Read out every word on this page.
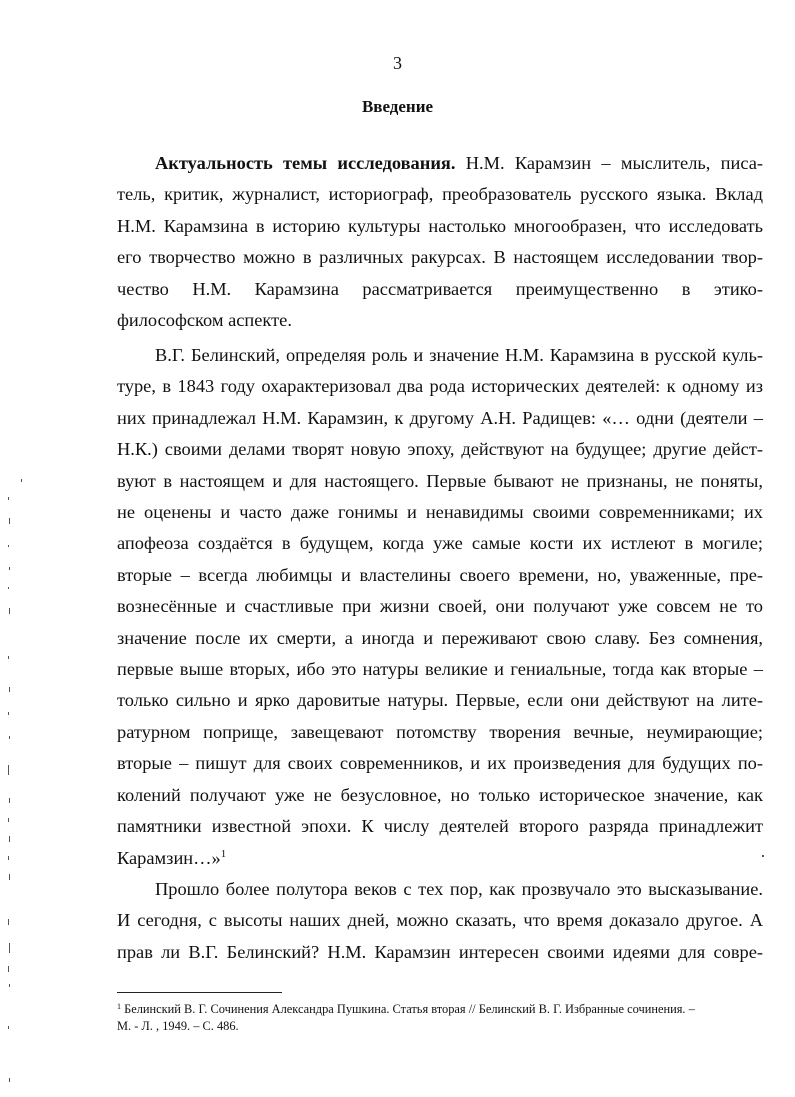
3
Введение
Актуальность темы исследования. Н.М. Карамзин – мыслитель, писа-
тель, критик, журналист, историограф, преобразователь русского языка. Вклад
Н.М. Карамзина в историю культуры настолько многообразен, что исследовать
его творчество можно в различных ракурсах. В настоящем исследовании твор-
чество Н.М. Карамзина рассматривается преимущественно в этико-
философском аспекте.
В.Г. Белинский, определяя роль и значение Н.М. Карамзина в русской куль-
туре, в 1843 году охарактеризовал два рода исторических деятелей: к одному из
них принадлежал Н.М. Карамзин, к другому А.Н. Радищев: «… одни (деятели –
Н.К.) своими делами творят новую эпоху, действуют на будущее; другие дейст-
вуют в настоящем и для настоящего. Первые бывают не признаны, не поняты,
не оценены и часто даже гонимы и ненавидимы своими современниками; их
апофеоза создаётся в будущем, когда уже самые кости их истлеют в могиле;
вторые – всегда любимцы и властелины своего времени, но, уваженные, пре-
вознесённые и счастливые при жизни своей, они получают уже совсем не то
значение после их смерти, а иногда и переживают свою славу. Без сомнения,
первые выше вторых, ибо это натуры великие и гениальные, тогда как вторые –
только сильно и ярко даровитые натуры. Первые, если они действуют на лите-
ратурном поприще, завещевают потомству творения вечные, неумирающие;
вторые – пишут для своих современников, и их произведения для будущих по-
колений получают уже не безусловное, но только историческое значение, как
памятники известной эпохи. К числу деятелей второго разряда принадлежит
Карамзин…»$^1$
Прошло более полутора веков с тех пор, как прозвучало это высказывание.
И сегодня, с высоты наших дней, можно сказать, что время доказало другое. А
прав ли В.Г. Белинский? Н.М. Карамзин интересен своими идеями для совре-
$^1$ Белинский В. Г. Сочинения Александра Пушкина. Статья вторая // Белинский В. Г. Избранные сочинения. –
М. - Л. , 1949. – С. 486.
